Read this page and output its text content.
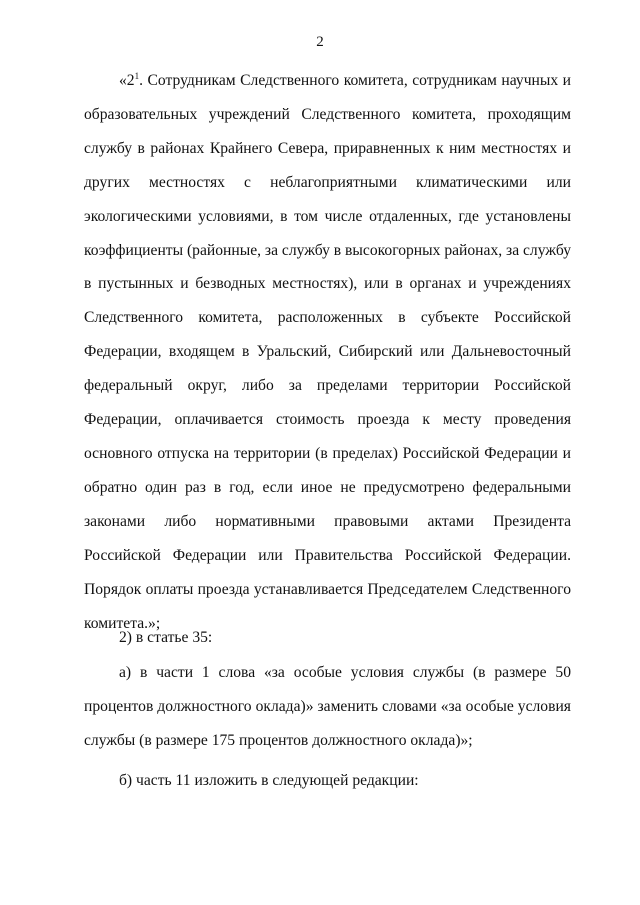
2

«$2^1$. Сотрудникам Следственного комитета, сотрудникам научных и образовательных учреждений Следственного комитета, проходящим службу в районах Крайнего Севера, приравненных к ним местностях и других местностях с неблагоприятными климатическими или экологическими условиями, в том числе отдаленных, где установлены коэффициенты (районные, за службу в высокогорных районах, за службу в пустынных и безводных местностях), или в органах и учреждениях Следственного комитета, расположенных в субъекте Российской Федерации, входящем в Уральский, Сибирский или Дальневосточный федеральный округ, либо за пределами территории Российской Федерации, оплачивается стоимость проезда к месту проведения основного отпуска на территории (в пределах) Российской Федерации и обратно один раз в год, если иное не предусмотрено федеральными законами либо нормативными правовыми актами Президента Российской Федерации или Правительства Российской Федерации. Порядок оплаты проезда устанавливается Председателем Следственного комитета.»;

2) в статье 35:

а) в части 1 слова «за особые условия службы (в размере 50 процентов должностного оклада)» заменить словами «за особые условия службы (в размере 175 процентов должностного оклада)»;

б) часть 11 изложить в следующей редакции:
